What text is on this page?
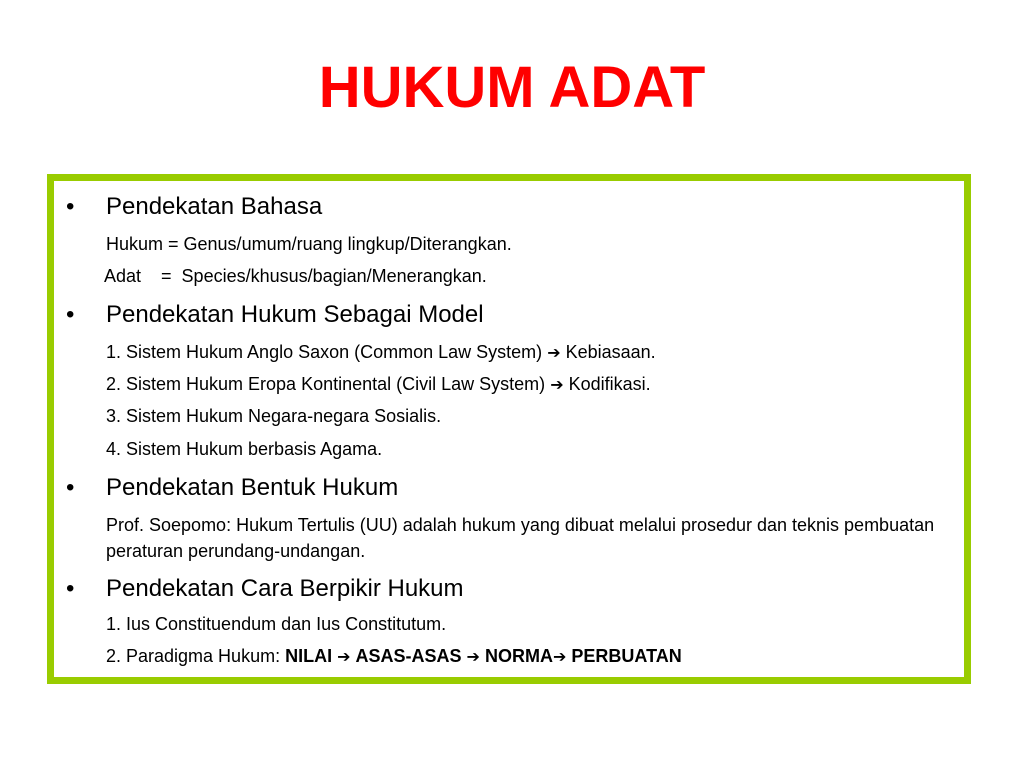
HUKUM ADAT
• Pendekatan Bahasa
Hukum = Genus/umum/ruang lingkup/Diterangkan.
Adat    =  Species/khusus/bagian/Menerangkan.
• Pendekatan Hukum Sebagai Model
1. Sistem Hukum Anglo Saxon (Common Law System) ➔ Kebiasaan.
2. Sistem Hukum Eropa Kontinental (Civil Law System) ➔ Kodifikasi.
3. Sistem Hukum Negara-negara Sosialis.
4. Sistem Hukum berbasis Agama.
• Pendekatan Bentuk Hukum
Prof. Soepomo: Hukum Tertulis (UU) adalah hukum yang dibuat melalui prosedur dan teknis pembuatan peraturan perundang-undangan.
• Pendekatan Cara Berpikir Hukum
1. Ius Constituendum dan Ius Constitutum.
2. Paradigma Hukum: NILAI ➔ ASAS-ASAS ➔ NORMA➔ PERBUATAN
